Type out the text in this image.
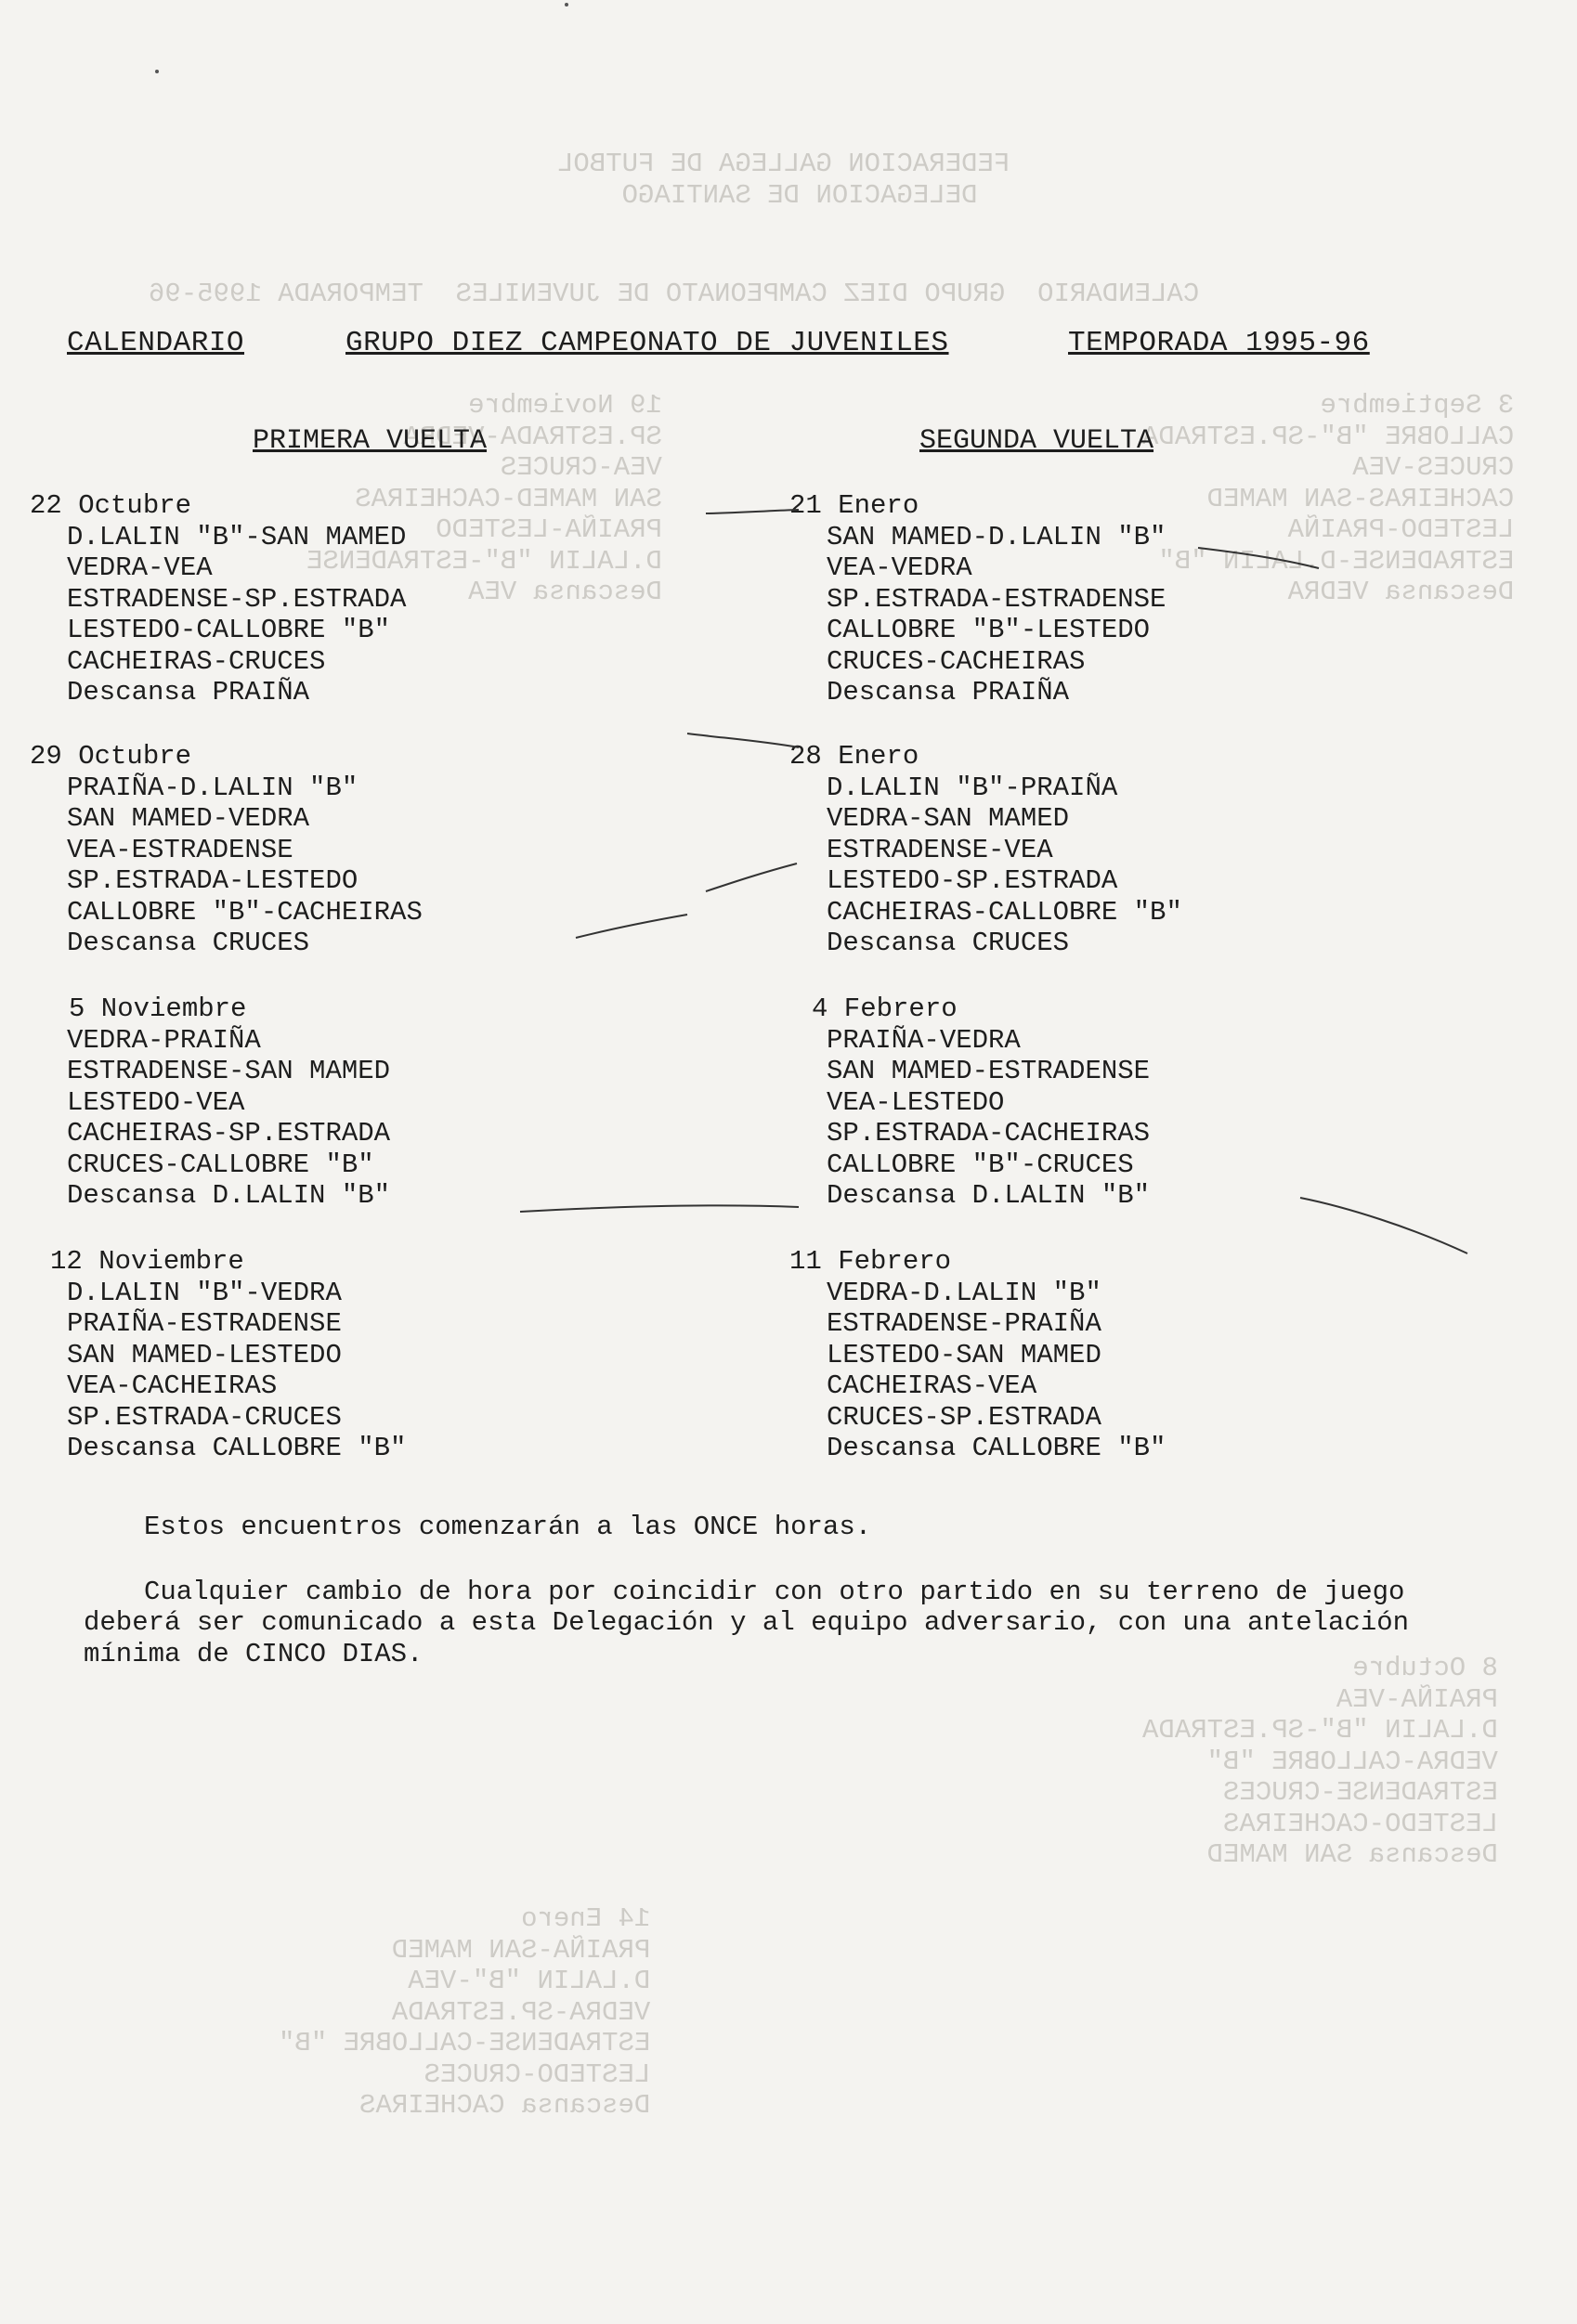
FEDERACION GALLEGA DE FUTBOL
DELEGACION DE SANTIAGO
CALENDARIO  GRUPO DIEZ CAMPEONATO DE JUVENILES  TEMPORADA 1995-96
19 Noviembre
SP.ESTRADA-VEDRA
VEA-CRUCES
SAN MAMED-CACHEIRAS
PRAIÑA-LESTEDO
D.LALIN "B"-ESTRADENSE
Descansa VEA
3 Septiembre
CALLOBRE "B"-SP.ESTRADA
CRUCES-VEA
CACHEIRAS-SAN MAMED
LESTEDO-PRAIÑA
ESTRADENSE-D.LALIN "B"
Descansa VEDRA
8 Octubre
PRAIÑA-VEA
D.LALIN "B"-SP.ESTRADA
VEDRA-CALLOBRE "B"
ESTRADENSE-CRUCES
LESTEDO-CACHEIRAS
Descansa SAN MAMED
14 Enero
PRAIÑA-SAN MAMED
D.LALIN "B"-VEA
VEDRA-SP.ESTRADA
ESTRADENSE-CALLOBRE "B"
LESTEDO-CRUCES
Descansa CACHEIRAS
CALENDARIO	GRUPO DIEZ CAMPEONATO DE JUVENILES	TEMPORADA 1995-96
PRIMERA VUELTA	SEGUNDA VUELTA
22 Octubre
D.LALIN "B"-SAN MAMED
VEDRA-VEA
ESTRADENSE-SP.ESTRADA
LESTEDO-CALLOBRE "B"
CACHEIRAS-CRUCES
Descansa PRAIÑA
29 Octubre
PRAIÑA-D.LALIN "B"
SAN MAMED-VEDRA
VEA-ESTRADENSE
SP.ESTRADA-LESTEDO
CALLOBRE "B"-CACHEIRAS
Descansa CRUCES
5 Noviembre
VEDRA-PRAIÑA
ESTRADENSE-SAN MAMED
LESTEDO-VEA
CACHEIRAS-SP.ESTRADA
CRUCES-CALLOBRE "B"
Descansa D.LALIN "B"
12 Noviembre
D.LALIN "B"-VEDRA
PRAIÑA-ESTRADENSE
SAN MAMED-LESTEDO
VEA-CACHEIRAS
SP.ESTRADA-CRUCES
Descansa CALLOBRE "B"
21 Enero
SAN MAMED-D.LALIN "B"
VEA-VEDRA
SP.ESTRADA-ESTRADENSE
CALLOBRE "B"-LESTEDO
CRUCES-CACHEIRAS
Descansa PRAIÑA
28 Enero
D.LALIN "B"-PRAIÑA
VEDRA-SAN MAMED
ESTRADENSE-VEA
LESTEDO-SP.ESTRADA
CACHEIRAS-CALLOBRE "B"
Descansa CRUCES
4 Febrero
PRAIÑA-VEDRA
SAN MAMED-ESTRADENSE
VEA-LESTEDO
SP.ESTRADA-CACHEIRAS
CALLOBRE "B"-CRUCES
Descansa D.LALIN "B"
11 Febrero
VEDRA-D.LALIN "B"
ESTRADENSE-PRAIÑA
LESTEDO-SAN MAMED
CACHEIRAS-VEA
CRUCES-SP.ESTRADA
Descansa CALLOBRE "B"

Estos encuentros comenzarán a las ONCE horas.

Cualquier cambio de hora por coincidir con otro partido en su terreno de juego deberá ser comunicado a esta Delegación y al equipo adversario, con una antelación mínima de CINCO DIAS.
